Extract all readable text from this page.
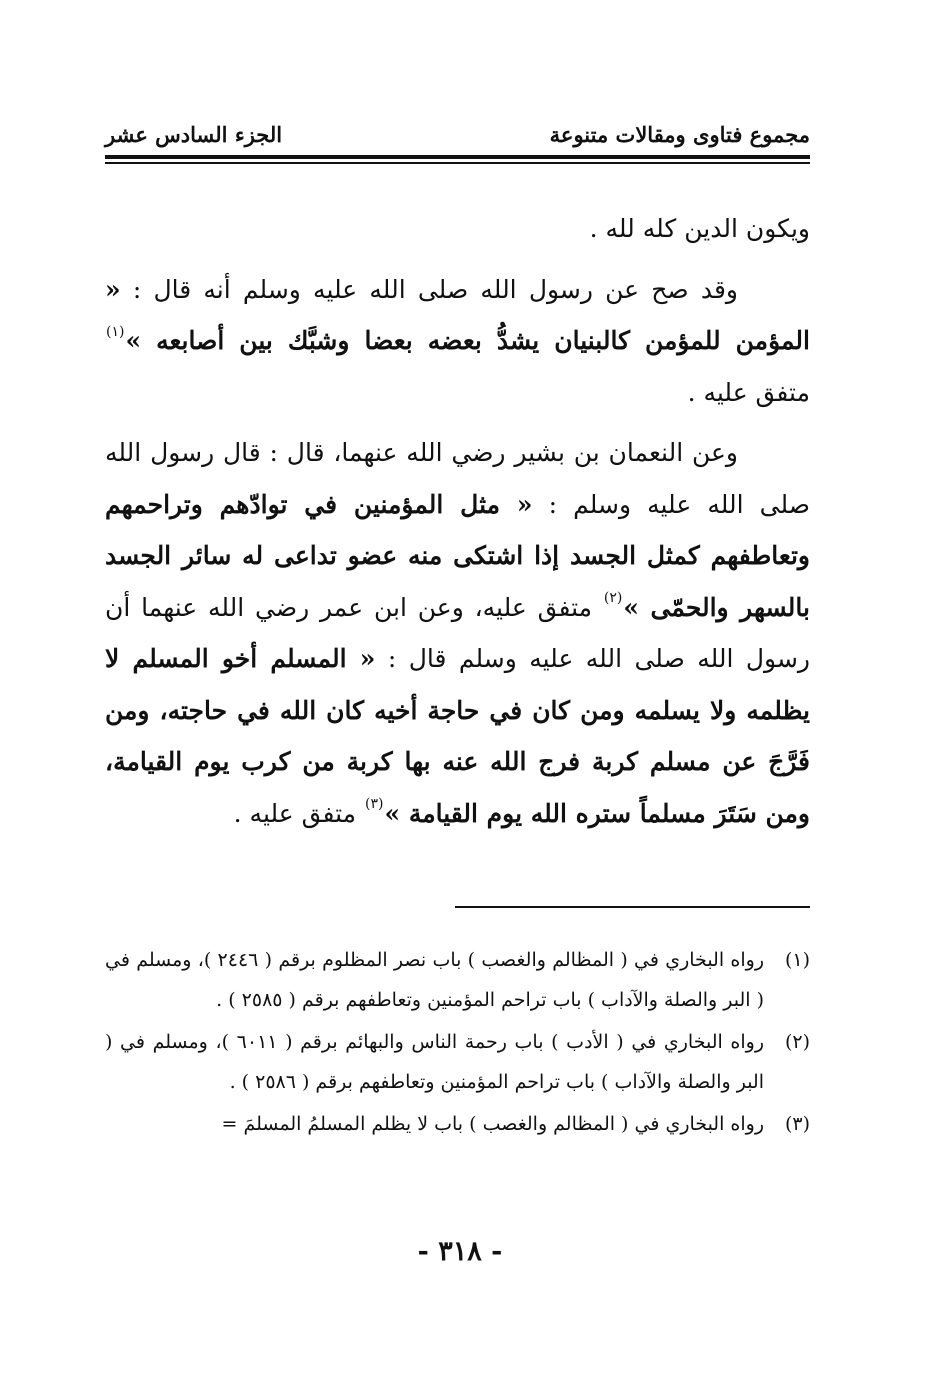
مجموع فتاوى ومقالات متنوعة
الجزء السادس عشر

ويكون الدين كله لله .

وقد صح عن رسول الله صلى الله عليه وسلم أنه قال : « المؤمن للمؤمن كالبنيان يشدُّ بعضه بعضا وشبَّك بين أصابعه »$^{(١)}$ متفق عليه .

وعن النعمان بن بشير رضي الله عنهما، قال : قال رسول الله صلى الله عليه وسلم : « مثل المؤمنين في توادّهم وتراحمهم وتعاطفهم كمثل الجسد إذا اشتكى منه عضو تداعى له سائر الجسد بالسهر والحمّى »$^{(٢)}$ متفق عليه، وعن ابن عمر رضي الله عنهما أن رسول الله صلى الله عليه وسلم قال : « المسلم أخو المسلم لا يظلمه ولا يسلمه ومن كان في حاجة أخيه كان الله في حاجته، ومن فَرَّجَ عن مسلم كربة فرج الله عنه بها كربة من كرب يوم القيامة، ومن سَتَرَ مسلماً ستره الله يوم القيامة »$^{(٣)}$ متفق عليه .

(١)
رواه البخاري في ( المظالم والغصب ) باب نصر المظلوم برقم ( ٢٤٤٦ )، ومسلم في ( البر والصلة والآداب ) باب تراحم المؤمنين وتعاطفهم برقم ( ٢٥٨٥ ) .
(٢)
رواه البخاري في ( الأدب ) باب رحمة الناس والبهائم برقم ( ٦٠١١ )، ومسلم في ( البر والصلة والآداب ) باب تراحم المؤمنين وتعاطفهم برقم ( ٢٥٨٦ ) .
(٣)
رواه البخاري في ( المظالم والغصب ) باب لا يظلم المسلمُ المسلمَ =
- ٣١٨ -
